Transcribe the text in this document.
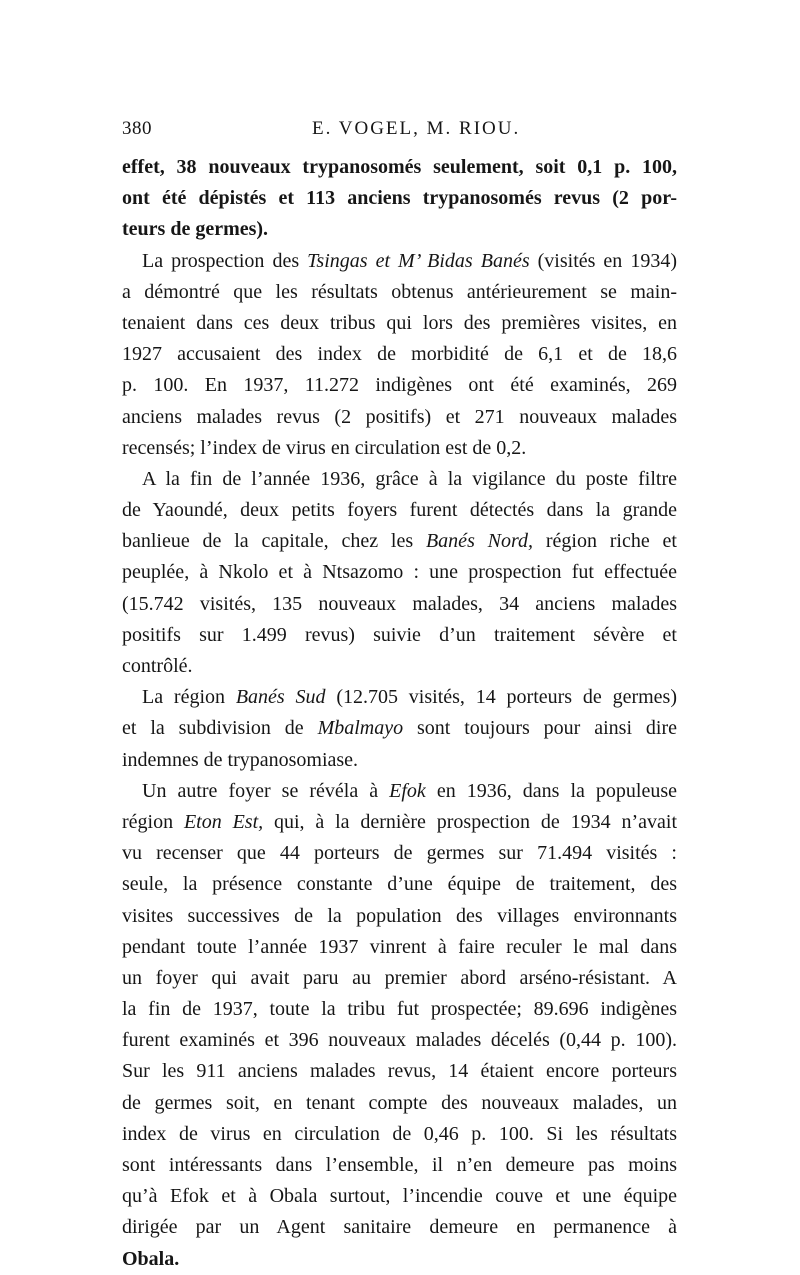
380	E. VOGEL, M. RIOU.
effet, 38 nouveaux trypanosomés seulement, soit 0,1 p. 100,
ont été dépistés et 113 anciens trypanosomés revus (2 por-
teurs de germes).
La prospection des Tsingas et M’ Bidas Banés (visités en 1934)
a démontré que les résultats obtenus antérieurement se main-
tenaient dans ces deux tribus qui lors des premières visites, en
1927 accusaient des index de morbidité de 6,1 et de 18,6
p. 100. En 1937, 11.272 indigènes ont été examinés, 269
anciens malades revus (2 positifs) et 271 nouveaux malades
recensés; l’index de virus en circulation est de 0,2.
A la fin de l’année 1936, grâce à la vigilance du poste filtre
de Yaoundé, deux petits foyers furent détectés dans la grande
banlieue de la capitale, chez les Banés Nord, région riche et
peuplée, à Nkolo et à Ntsazomo : une prospection fut effectuée
(15.742 visités, 135 nouveaux malades, 34 anciens malades
positifs sur 1.499 revus) suivie d’un traitement sévère et
contrôlé.
La région Banés Sud (12.705 visités, 14 porteurs de germes)
et la subdivision de Mbalmayo sont toujours pour ainsi dire
indemnes de trypanosomiase.
Un autre foyer se révéla à Efok en 1936, dans la populeuse
région Eton Est, qui, à la dernière prospection de 1934 n’avait
vu recenser que 44 porteurs de germes sur 71.494 visités :
seule, la présence constante d’une équipe de traitement, des
visites successives de la population des villages environnants
pendant toute l’année 1937 vinrent à faire reculer le mal dans
un foyer qui avait paru au premier abord arséno-résistant. A
la fin de 1937, toute la tribu fut prospectée; 89.696 indigènes
furent examinés et 396 nouveaux malades décelés (0,44 p. 100).
Sur les 911 anciens malades revus, 14 étaient encore porteurs
de germes soit, en tenant compte des nouveaux malades, un
index de virus en circulation de 0,46 p. 100. Si les résultats
sont intéressants dans l’ensemble, il n’en demeure pas moins
qu’à Efok et à Obala surtout, l’incendie couve et une équipe
dirigée par un Agent sanitaire demeure en permanence à
Obala.
